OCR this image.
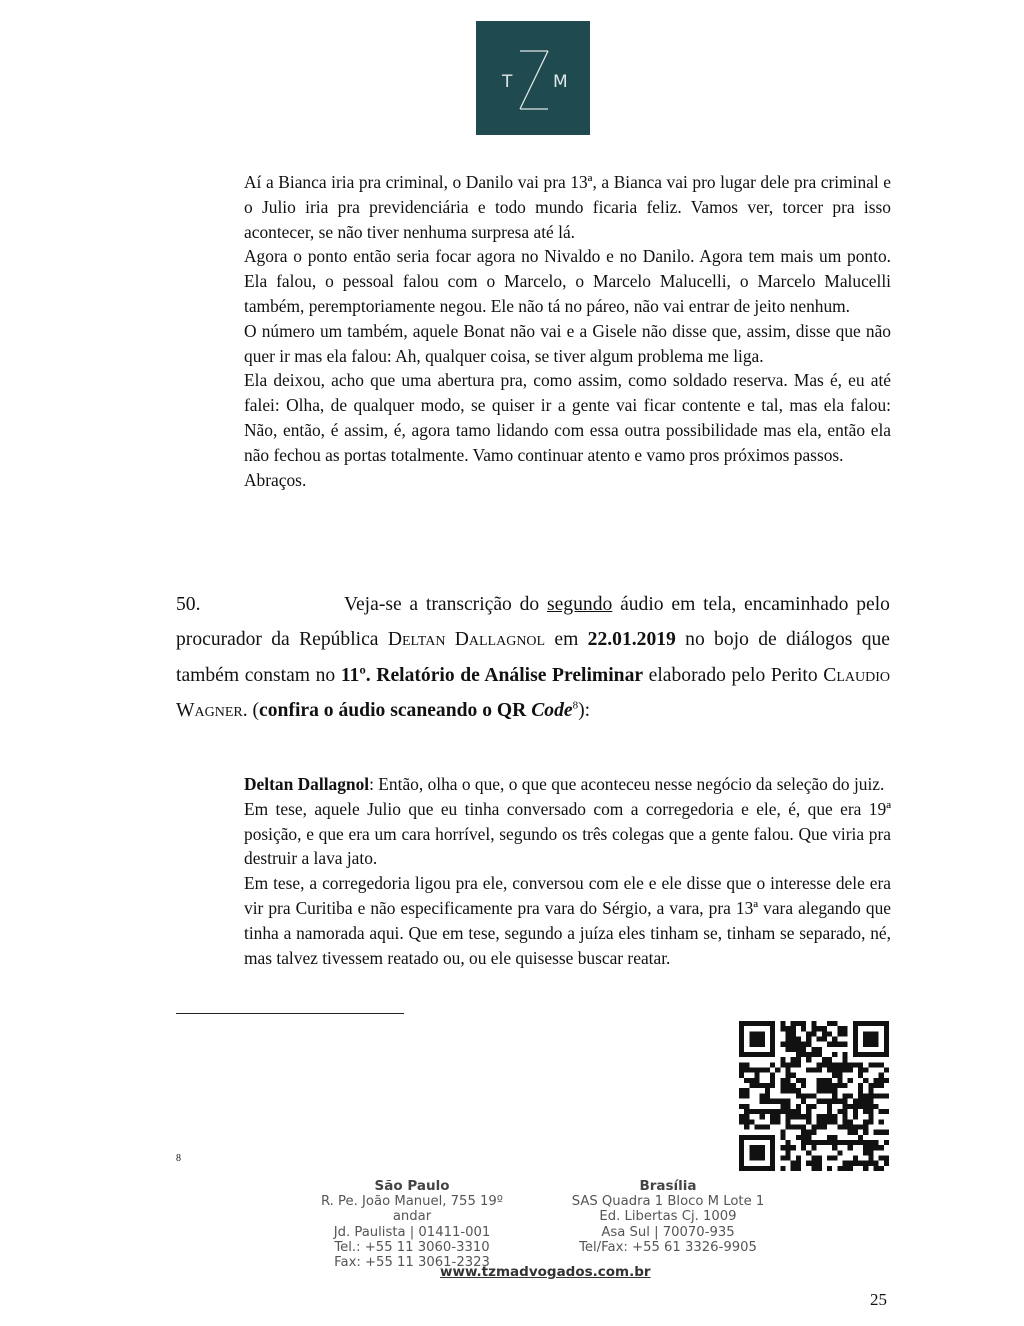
T M

Aí a Bianca iria pra criminal, o Danilo vai pra 13ª, a Bianca vai pro lugar dele pra criminal e o Julio iria pra previdenciária e todo mundo ficaria feliz. Vamos ver, torcer pra isso acontecer, se não tiver nenhuma surpresa até lá.

Agora o ponto então seria focar agora no Nivaldo e no Danilo. Agora tem mais um ponto. Ela falou, o pessoal falou com o Marcelo, o Marcelo Malucelli, o Marcelo Malucelli também, peremptoriamente negou. Ele não tá no páreo, não vai entrar de jeito nenhum.

O número um também, aquele Bonat não vai e a Gisele não disse que, assim, disse que não quer ir mas ela falou: Ah, qualquer coisa, se tiver algum problema me liga.

Ela deixou, acho que uma abertura pra, como assim, como soldado reserva. Mas é, eu até falei: Olha, de qualquer modo, se quiser ir a gente vai ficar contente e tal, mas ela falou: Não, então, é assim, é, agora tamo lidando com essa outra possibilidade mas ela, então ela não fechou as portas totalmente. Vamo continuar atento e vamo pros próximos passos.

Abraços.

50.	Veja-se a transcrição do segundo áudio em tela, encaminhado pelo procurador da República Deltan Dallagnol em 22.01.2019 no bojo de diálogos que também constam no 11º. Relatório de Análise Preliminar elaborado pelo Perito Claudio Wagner. (confira o áudio scaneando o QR Code$^8$):

Deltan Dallagnol: Então, olha o que, o que que aconteceu nesse negócio da seleção do juiz.

Em tese, aquele Julio que eu tinha conversado com a corregedoria e ele, é, que era 19ª posição, e que era um cara horrível, segundo os três colegas que a gente falou. Que viria pra destruir a lava jato.

Em tese, a corregedoria ligou pra ele, conversou com ele e ele disse que o interesse dele era vir pra Curitiba e não especificamente pra vara do Sérgio, a vara, pra 13ª vara alegando que tinha a namorada aqui. Que em tese, segundo a juíza eles tinham se, tinham se separado, né, mas talvez tivessem reatado ou, ou ele quisesse buscar reatar.

8
São Paulo
R. Pe. João Manuel, 755 19º andar
Jd. Paulista | 01411-001
Tel.: +55 11 3060-3310
Fax: +55 11 3061-2323
Brasília
SAS Quadra 1 Bloco M Lote 1
Ed. Libertas Cj. 1009
Asa Sul | 70070-935
Tel/Fax: +55 61 3326-9905
www.tzmadvogados.com.br
25
